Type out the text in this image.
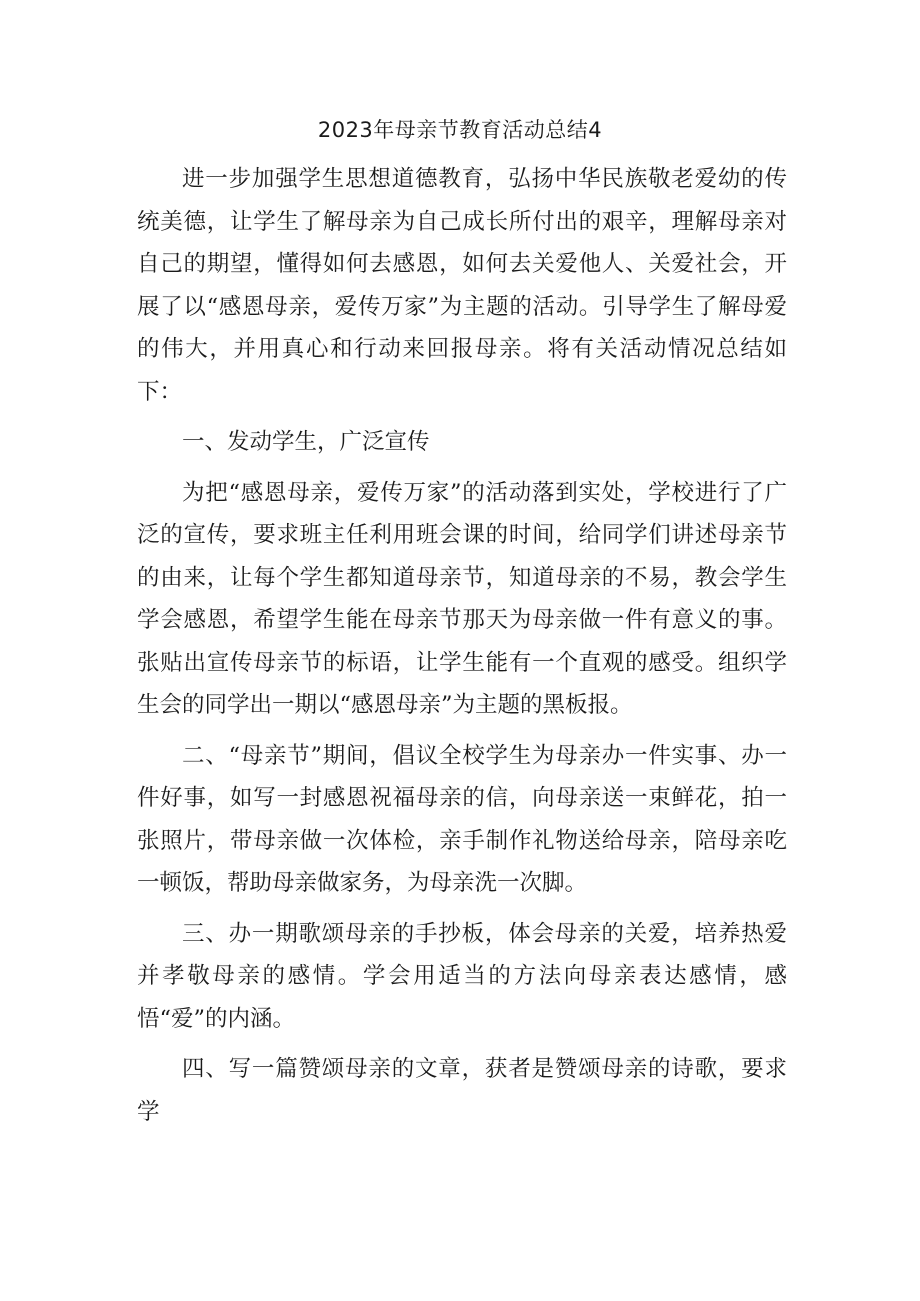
2023年母亲节教育活动总结4

进一步加强学生思想道德教育，弘扬中华民族敬老爱幼的传统美德，让学生了解母亲为自己成长所付出的艰辛，理解母亲对自己的期望，懂得如何去感恩，如何去关爱他人、关爱社会，开展了以“感恩母亲，爱传万家”为主题的活动。引导学生了解母爱的伟大，并用真心和行动来回报母亲。将有关活动情况总结如下：

一、发动学生，广泛宣传

为把“感恩母亲，爱传万家”的活动落到实处，学校进行了广泛的宣传，要求班主任利用班会课的时间，给同学们讲述母亲节的由来，让每个学生都知道母亲节，知道母亲的不易，教会学生学会感恩，希望学生能在母亲节那天为母亲做一件有意义的事。张贴出宣传母亲节的标语，让学生能有一个直观的感受。组织学生会的同学出一期以“感恩母亲”为主题的黑板报。

二、“母亲节”期间，倡议全校学生为母亲办一件实事、办一件好事，如写一封感恩祝福母亲的信，向母亲送一束鲜花，拍一张照片，带母亲做一次体检，亲手制作礼物送给母亲，陪母亲吃一顿饭，帮助母亲做家务，为母亲洗一次脚。

三、办一期歌颂母亲的手抄板，体会母亲的关爱，培养热爱并孝敬母亲的感情。学会用适当的方法向母亲表达感情，感悟“爱”的内涵。

四、写一篇赞颂母亲的文章，获者是赞颂母亲的诗歌，要求学
